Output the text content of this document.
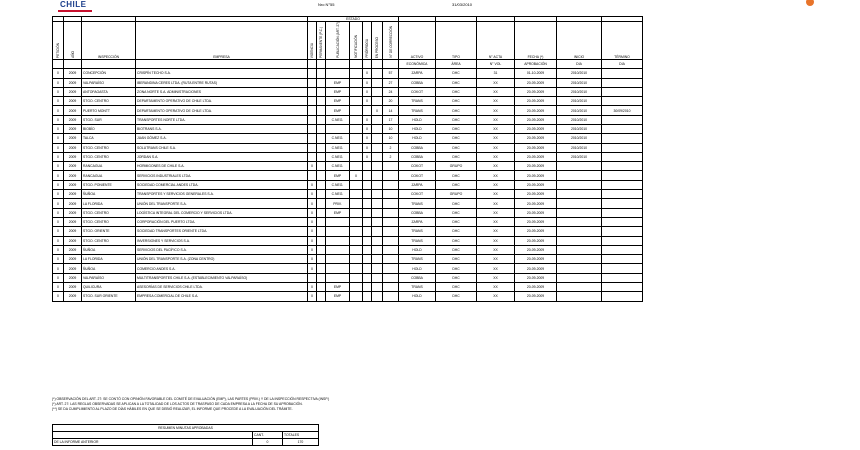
CHILE	Nro N°55	31/03/2010
				ESTADO												
PETICIÓN	AÑO	INSPECCIÓN	EMPRESA	VIGENCIA	PERMANENTE (P.C.)	PUBLICACIÓN (ART. 27)	NOTIFICACIÓN	PRÓRROGA	EN PROCESO	N° DE CORRECCIÓN	ACTIVO	TIPO	N° ACTA	FECHA (*)	INICIO	TÉRMINO
											ECONÓMICA	ÁREA	N° VOL	APROBACIÓN	DIA	DIA
0	2009	CONCEPCIÓN	CRISPÍN TECHO S.A.					X		57	ZARPA	DHC	31	01-10-2009	2010/2010	
0	2009	VALPARAÍSO	IBERANDINA CERES LTDA. (RUTA ENTRE RUTAS)			EMP		X		27	COBBA	DHC	XX	20-09-2009	2010/2010	
0	2009	ANTOFAGASTA	ZONA NORTE S.A. ADMINISTRACIONES			EMP		X		24	COKOT	DHC	XX	20-09-2009	2010/2010	
0	2009	STGO. CENTRO	DEPARTAMENTO OPERATIVO DE CHILE LTDA.			EMP		X		20	TRANS	DHC	XX	20-09-2009	2010/2010	
0	2009	PUERTO MONTT	DEPARTAMENTO OPERATIVO DE CHILE LTDA.			EMP			X	14	TRANS	DHC	XX	20-09-2009	2010/2010	30/09/2010
0	2009	STGO. SUR	TRANSPORTES NORTE LTDA.			C.NEG.		X		17	HOLD	DHC	XX	20-09-2009	2010/2010	
0	2009	BIOBÍO	BIOTRANS S.A.					X		10	HOLD	DHC	XX	20-09-2009	2010/2010	
0	2009	TALCA	JUAN GÓMEZ S.A.			C.NEG.		X		10	HOLD	DHC	XX	20-09-2009	2010/2010	
0	2009	STGO. CENTRO	SOLUTRANS CHILE S.A.			C.NEG.		X		2	COBBA	DHC	XX	20-09-2009	2010/2010	
0	2009	STGO. CENTRO	JORDAN S.A.			C.NEG.		X		2	COBBA	DHC	XX	20-09-2009	2010/2010	
0	2009	RANCAGUA	HORMIGONES DE CHILE S.A.	X		C.NEG.					COKOT	GRUPO	XX	20-09-2009		
0	2009	RANCAGUA	SERVICIOS INDUSTRIALES LTDA.			EMP	X				COKOT	DHC	XX	20-09-2009		
0	2009	STGO. PONIENTE	SOCIEDAD COMERCIAL ANDES LTDA.	X		C.NEG.					ZARPA	DHC	XX	20-09-2009		
0	2009	ÑUÑOA	TRANSPORTES Y SERVICIOS GENERALES S.A.	X		C.NEG.					COKOT	GRUPO	XX	20-09-2009		
0	2009	LA FLORIDA	UNIÓN DEL TRANSPORTE S.A.	X		PRIV.					TRANS	DHC	XX	20-09-2009		
0	2009	STGO. CENTRO	LOGÍSTICA INTEGRAL DEL COMERCIO Y SERVICIOS LTDA.	X		EMP					COBBA	DHC	XX	20-09-2009		
0	2009	STGO. CENTRO	CORPORACIÓN DEL PUERTO LTDA.	X							ZARPA	DHC	XX	20-09-2009		
0	2009	STGO. ORIENTE	SOCIEDAD TRANSPORTES ORIENTE LTDA.	X							TRANS	DHC	XX	20-09-2009		
0	2009	STGO. CENTRO	INVERSIONES Y SERVICIOS S.A.	X							TRANS	DHC	XX	20-09-2009		
0	2009	ÑUÑOA	SERVICIOS DEL PACÍFICO S.A.	X							HOLD	DHC	XX	20-09-2009		
0	2009	LA FLORIDA	UNIÓN DEL TRANSPORTE S.A. (ZONA CENTRO)	X							TRANS	DHC	XX	20-09-2009		
0	2009	ÑUÑOA	COMERCIO ANDES S.A.	X							HOLD	DHC	XX	20-09-2009		
0	2009	VALPARAÍSO	MULTITRANSPORTES CHILE S.A. (ESTABLECIMIENTO VALPARAÍSO)								COBBA	DHC	XX	20-09-2009		
0	2009	QUILICURA	ASESORÍAS DE SERVICIOS CHILE LTDA.	X		EMP					TRANS	DHC	XX	20-09-2009		
0	2009	STGO. SUR ORIENTE	EMPRESA COMERCIAL DE CHILE S.A.	X		EMP					HOLD	DHC	XX	20-09-2009		
(*) OBSERVACIÓN DEL ART. 27: SE CONTÓ CON OPINIÓN FAVORABLE DEL COMITÉ DE EVALUACIÓN (EMP), LAS PARTES (PRIV.) Y DE LA INSPECCIÓN RESPECTIVA (INSP.)
(*) ART. 27: LAS REGLAS OBSERVADAS SE APLICAN A LA TOTALIDAD DE LOS ACTOS DE TRASPASO DE CADA EMPRESA A LA FECHA DE SU APROBACIÓN.
(**) SE DA CUMPLIMIENTO AL PLAZO DE DÍAS HÁBILES EN QUE SE DEBIÓ REALIZAR, EL INFORME QUE PROCEDE A LA EVALUACIÓN DEL TRÁMITE.
RESUMEN MINUTAS APROBADAS		
	CANT.	TOTALES
DE LA INFORME ANTERIOR	0	170
